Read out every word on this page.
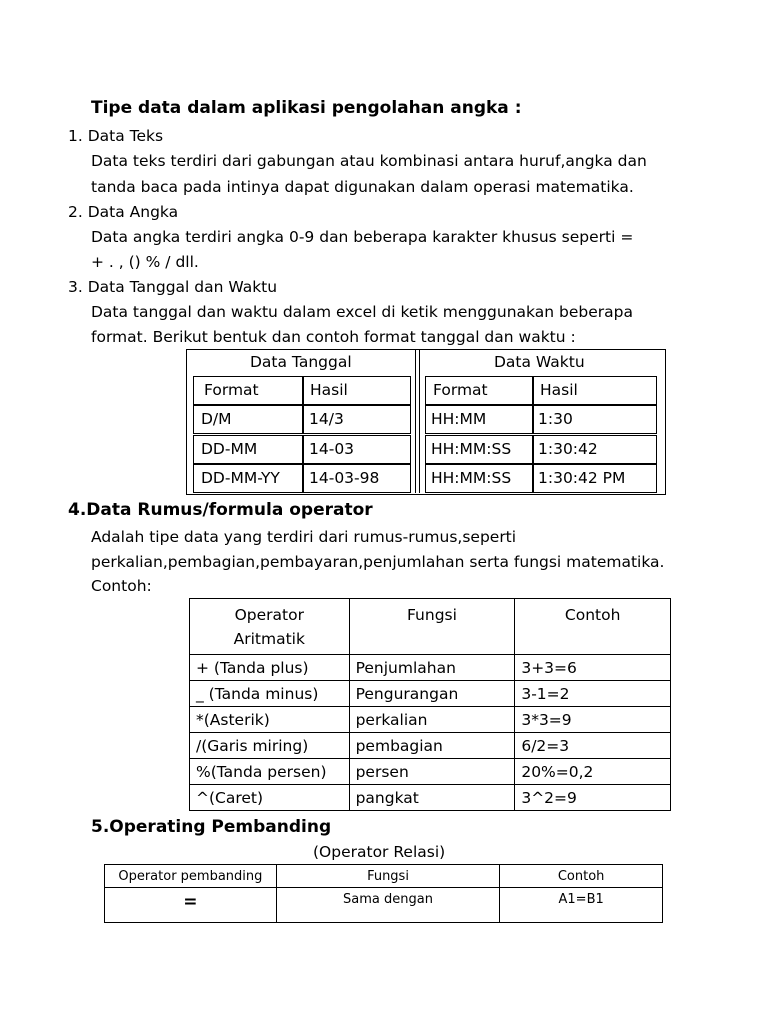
Tipe data dalam aplikasi pengolahan angka :
1. Data Teks
Data teks terdiri dari gabungan atau kombinasi antara huruf,angka dan
tanda baca pada intinya dapat digunakan dalam operasi matematika.
2. Data Angka
Data angka terdiri angka 0-9 dan beberapa karakter khusus seperti =
+ . , () % / dll.
3. Data Tanggal dan Waktu
Data tanggal dan waktu dalam excel di ketik menggunakan beberapa
format. Berikut bentuk dan contoh format tanggal dan waktu :
Data Tanggal	Data Waktu
Format	Hasil
D/M	14/3
DD-MM	14-03
DD-MM-YY 14-03-98
Format	Hasil
HH:MM	1:30
HH:MM:SS 1:30:42
HH:MM:SS 1:30:42 PM
4.Data Rumus/formula operator
Adalah tipe data yang terdiri dari rumus-rumus,seperti
perkalian,pembagian,pembayaran,penjumlahan serta fungsi matematika.
Contoh:
Operator
Aritmatik	Fungsi	Contoh
+ (Tanda plus)	Penjumlahan	3+3=6
_ (Tanda minus)	Pengurangan	3-1=2
*(Asterik)	perkalian	3*3=9
/(Garis miring)	pembagian	6/2=3
%(Tanda persen)	persen	20%=0,2
^(Caret)	pangkat	3^2=9
5.Operating Pembanding
(Operator Relasi)
Operator pembanding	Fungsi	Contoh
=	Sama dengan	A1=B1
